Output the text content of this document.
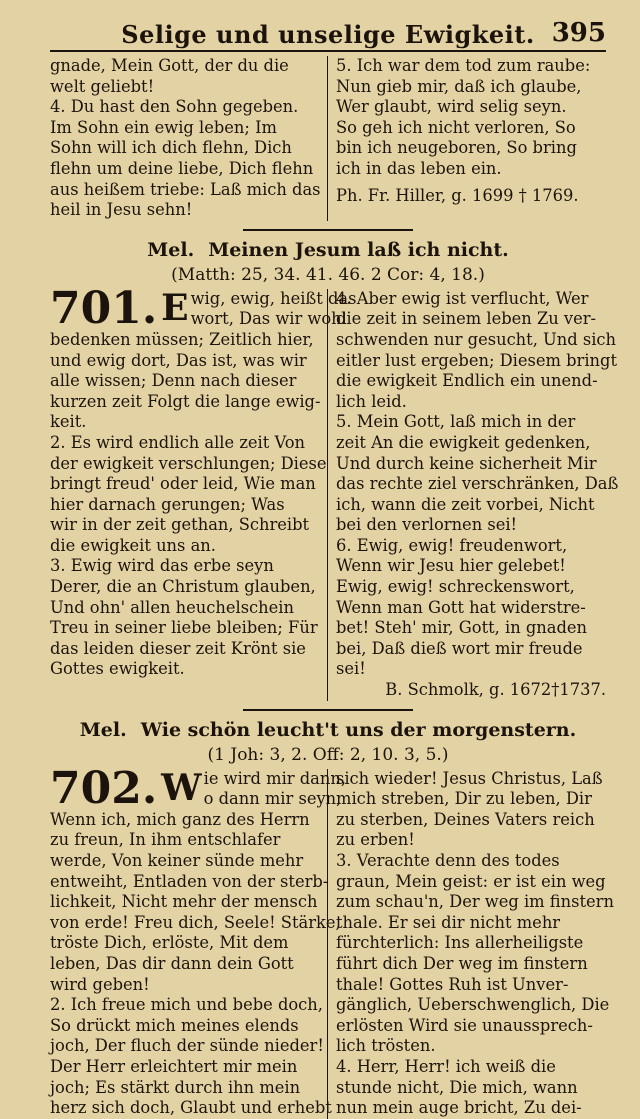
Selige und unselige Ewigkeit. 395
gnade, Mein Gott, der du die
welt geliebt!
4. Du hast den Sohn gegeben.
Im Sohn ein ewig leben; Im
Sohn will ich dich flehn, Dich
flehn um deine liebe, Dich flehn
aus heißem triebe: Laß mich das
heil in Jesu sehn!
5. Ich war dem tod zum raube:
Nun gieb mir, daß ich glaube,
Wer glaubt, wird selig seyn.
So geh ich nicht verloren, So
bin ich neugeboren, So bring
ich in das leben ein.
Ph. Fr. Hiller, g. 1699 † 1769.
Mel. Meinen Jesum laß ich nicht.
(Matth: 25, 34. 41. 46. 2 Cor: 4, 18.)
701. E wig, ewig, heißt das
wort, Das wir wohl
bedenken müssen; Zeitlich hier,
und ewig dort, Das ist, was wir
alle wissen; Denn nach dieser
kurzen zeit Folgt die lange ewig-
keit.
2. Es wird endlich alle zeit Von
der ewigkeit verschlungen; Diese
bringt freud' oder leid, Wie man
hier darnach gerungen; Was
wir in der zeit gethan, Schreibt
die ewigkeit uns an.
3. Ewig wird das erbe seyn
Derer, die an Christum glauben,
Und ohn' allen heuchelschein
Treu in seiner liebe bleiben; Für
das leiden dieser zeit Krönt sie
Gottes ewigkeit.
4. Aber ewig ist verflucht, Wer
die zeit in seinem leben Zu ver-
schwenden nur gesucht, Und sich
eitler lust ergeben; Diesem bringt
die ewigkeit Endlich ein unend-
lich leid.
5. Mein Gott, laß mich in der
zeit An die ewigkeit gedenken,
Und durch keine sicherheit Mir
das rechte ziel verschränken, Daß
ich, wann die zeit vorbei, Nicht
bei den verlornen sei!
6. Ewig, ewig! freudenwort,
Wenn wir Jesu hier gelebet!
Ewig, ewig! schreckenswort,
Wenn man Gott hat widerstre-
bet! Steh' mir, Gott, in gnaden
bei, Daß dieß wort mir freude
sei!
B. Schmolk, g. 1672†1737.
Mel. Wie schön leucht't uns der morgenstern.
(1 Joh: 3, 2. Off: 2, 10. 3, 5.)
702. W ie wird mir dann,
o dann mir seyn,
Wenn ich, mich ganz des Herrn
zu freun, In ihm entschlafer
werde, Von keiner sünde mehr
entweiht, Entladen von der sterb-
lichkeit, Nicht mehr der mensch
von erde! Freu dich, Seele! Stärke,
tröste Dich, erlöste, Mit dem
leben, Das dir dann dein Gott
wird geben!
2. Ich freue mich und bebe doch,
So drückt mich meines elends
joch, Der fluch der sünde nieder!
Der Herr erleichtert mir mein
joch; Es stärkt durch ihn mein
herz sich doch, Glaubt und erhebt
sich wieder! Jesus Christus, Laß
mich streben, Dir zu leben, Dir
zu sterben, Deines Vaters reich
zu erben!
3. Verachte denn des todes
graun, Mein geist: er ist ein weg
zum schau'n, Der weg im finstern
thale. Er sei dir nicht mehr
fürchterlich: Ins allerheiligste
führt dich Der weg im finstern
thale! Gottes Ruh ist Unver-
gänglich, Ueberschwenglich, Die
erlösten Wird sie unaussprech-
lich trösten.
4. Herr, Herr! ich weiß die
stunde nicht, Die mich, wann
nun mein auge bricht, Zu dei-
